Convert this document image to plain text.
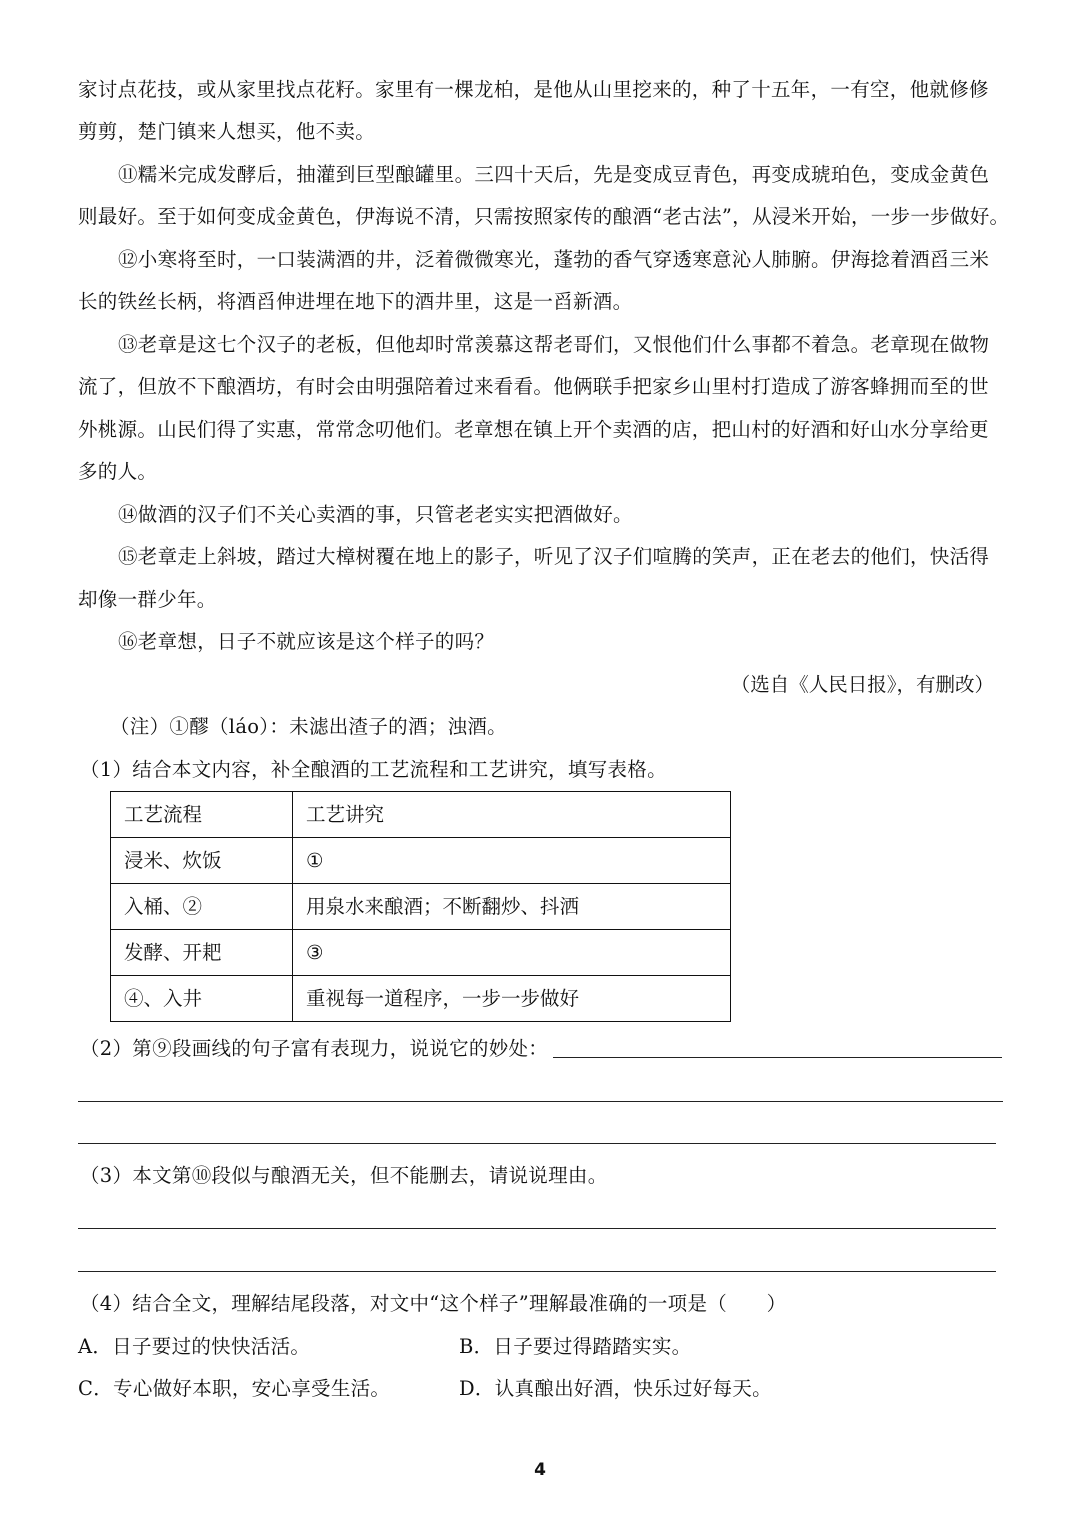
家讨点花技，或从家里找点花籽。家里有一棵龙柏，是他从山里挖来的，种了十五年，一有空，他就修修
剪剪，楚门镇来人想买，他不卖。
⑪糯米完成发酵后，抽灌到巨型酿罐里。三四十天后，先是变成豆青色，再变成琥珀色，变成金黄色
则最好。至于如何变成金黄色，伊海说不清，只需按照家传的酿酒“老古法”，从浸米开始，一步一步做好。
⑫小寒将至时，一口装满酒的井，泛着微微寒光，蓬勃的香气穿透寒意沁人肺腑。伊海捻着酒舀三米
长的铁丝长柄，将酒舀伸进埋在地下的酒井里，这是一舀新酒。
⑬老章是这七个汉子的老板，但他却时常羡慕这帮老哥们，又恨他们什么事都不着急。老章现在做物
流了，但放不下酿酒坊，有时会由明强陪着过来看看。他俩联手把家乡山里村打造成了游客蜂拥而至的世
外桃源。山民们得了实惠，常常念叨他们。老章想在镇上开个卖酒的店，把山村的好酒和好山水分享给更
多的人。
⑭做酒的汉子们不关心卖酒的事，只管老老实实把酒做好。
⑮老章走上斜坡，踏过大樟树覆在地上的影子，听见了汉子们喧腾的笑声，正在老去的他们，快活得
却像一群少年。
⑯老章想，日子不就应该是这个样子的吗？
（选自《人民日报》，有删改）
（注）①醪（láo）：未滤出渣子的酒；浊酒。
（1）结合本文内容，补全酿酒的工艺流程和工艺讲究，填写表格。
工艺流程	工艺讲究
浸米、炊饭	①
入桶、②	用泉水来酿酒；不断翻炒、抖洒
发酵、开耙	③
④、入井	重视每一道程序，一步一步做好
（2）第⑨段画线的句子富有表现力，说说它的妙处：
（3）本文第⑩段似与酿酒无关，但不能删去，请说说理由。
（4）结合全文，理解结尾段落，对文中“这个样子”理解最准确的一项是（　　）
A．日子要过的快快活活。	B．日子要过得踏踏实实。
C．专心做好本职，安心享受生活。	D．认真酿出好酒，快乐过好每天。
4
